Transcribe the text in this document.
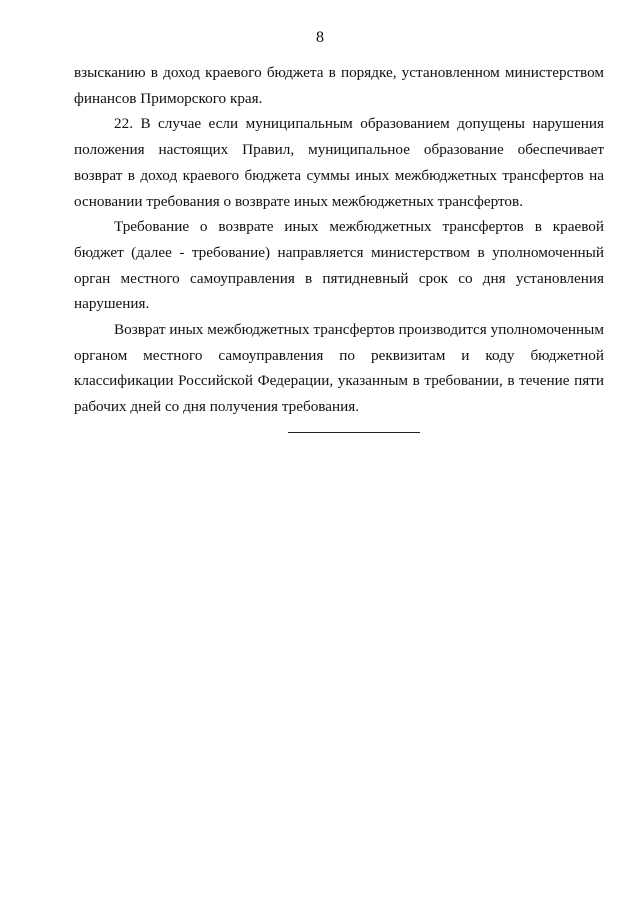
8

взысканию в доход краевого бюджета в порядке, установленном министерством финансов Приморского края.

22. В случае если муниципальным образованием допущены нарушения положения настоящих Правил, муниципальное образование обеспечивает возврат в доход краевого бюджета суммы иных межбюджетных трансфертов на основании требования о возврате иных межбюджетных трансфертов.

Требование о возврате иных межбюджетных трансфертов в краевой бюджет (далее - требование) направляется министерством в уполномоченный орган местного самоуправления в пятидневный срок со дня установления нарушения.

Возврат иных межбюджетных трансфертов производится уполномоченным органом местного самоуправления по реквизитам и коду бюджетной классификации Российской Федерации, указанным в требовании, в течение пяти рабочих дней со дня получения требования.
